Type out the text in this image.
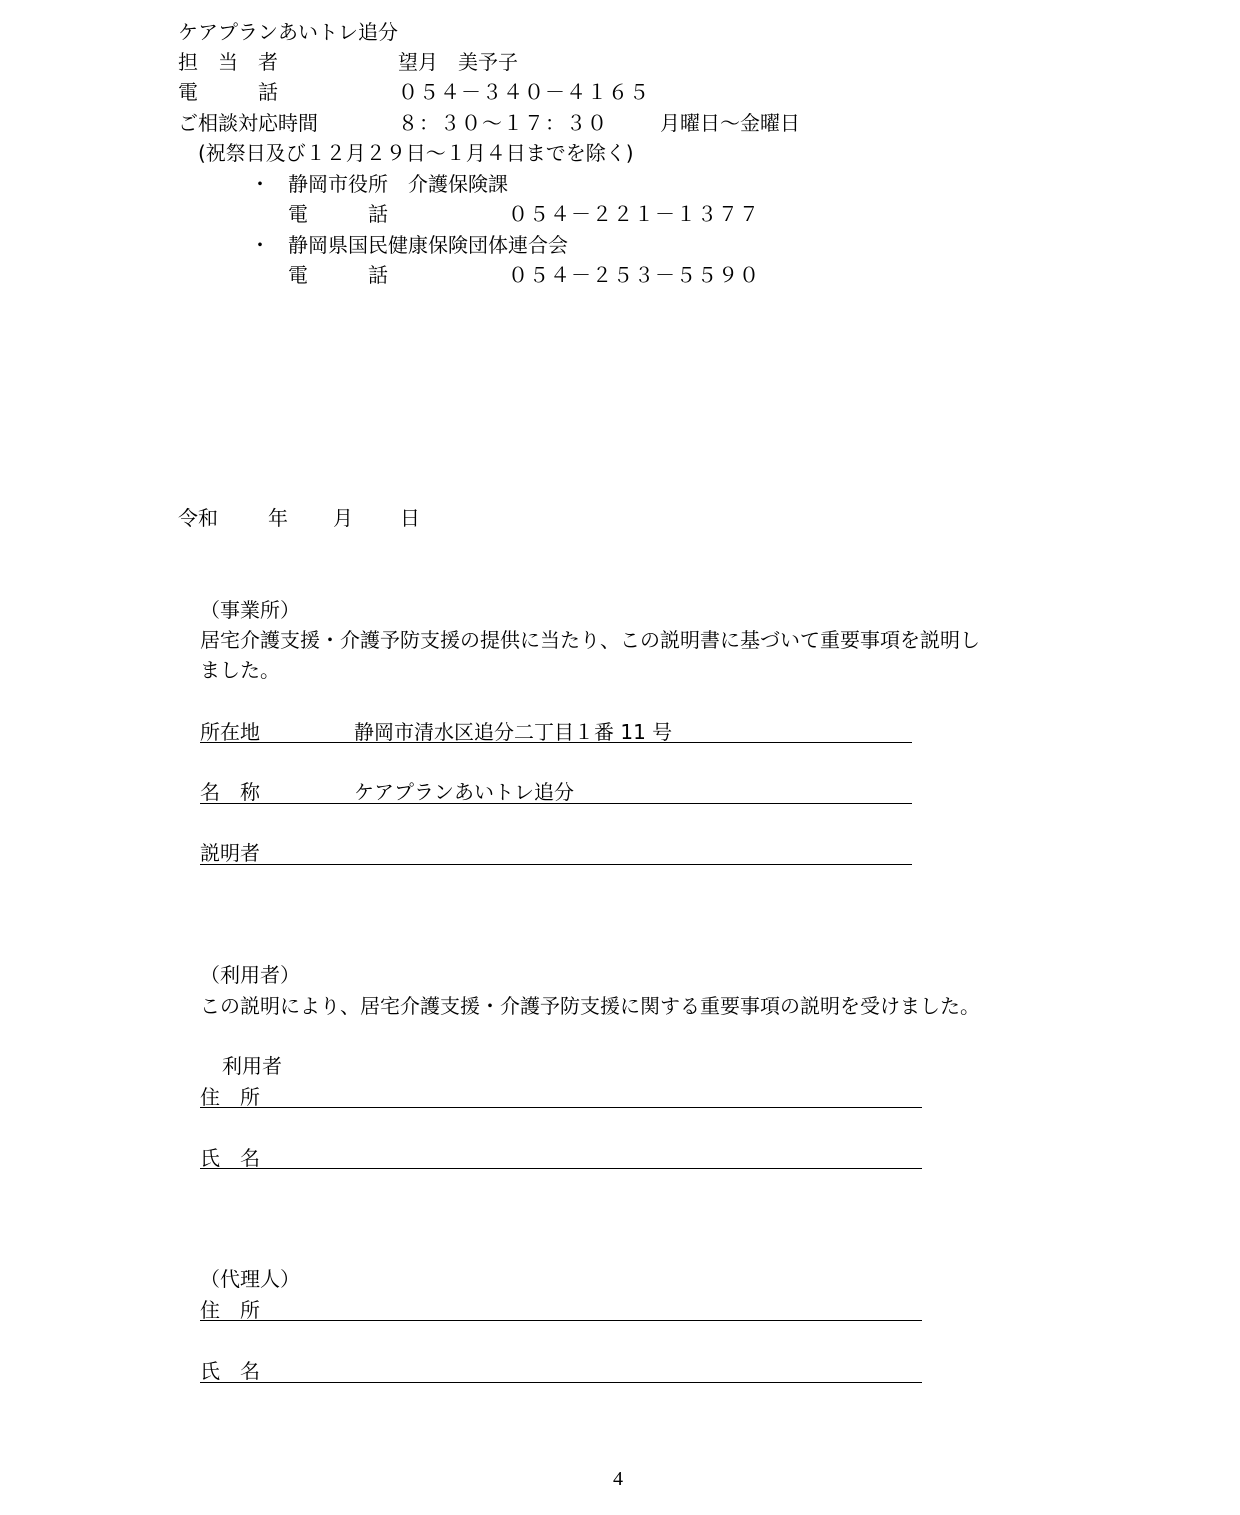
ケアプランあいトレ追分
担　当　者	望月　美予子
電　　　話	０５４－３４０－４１６５
ご相談対応時間	８：３０～１７：３０	月曜日～金曜日
(祝祭日及び１２月２９日～１月４日までを除く)
・ 静岡市役所　介護保険課
電　　　話	０５４－２２１－１３７７
・ 静岡県国民健康保険団体連合会
電　　　話	０５４－２５３－５５９０
令和	年 月 日
（事業所）
居宅介護支援・介護予防支援の提供に当たり、この説明書に基づいて重要事項を説明し
ました。
所在地	静岡市清水区追分二丁目１番 11 号
名　称	ケアプランあいトレ追分
説明者
（利用者）
この説明により、居宅介護支援・介護予防支援に関する重要事項の説明を受けました。
利用者
住　所
氏　名
（代理人）
住　所
氏　名
4
